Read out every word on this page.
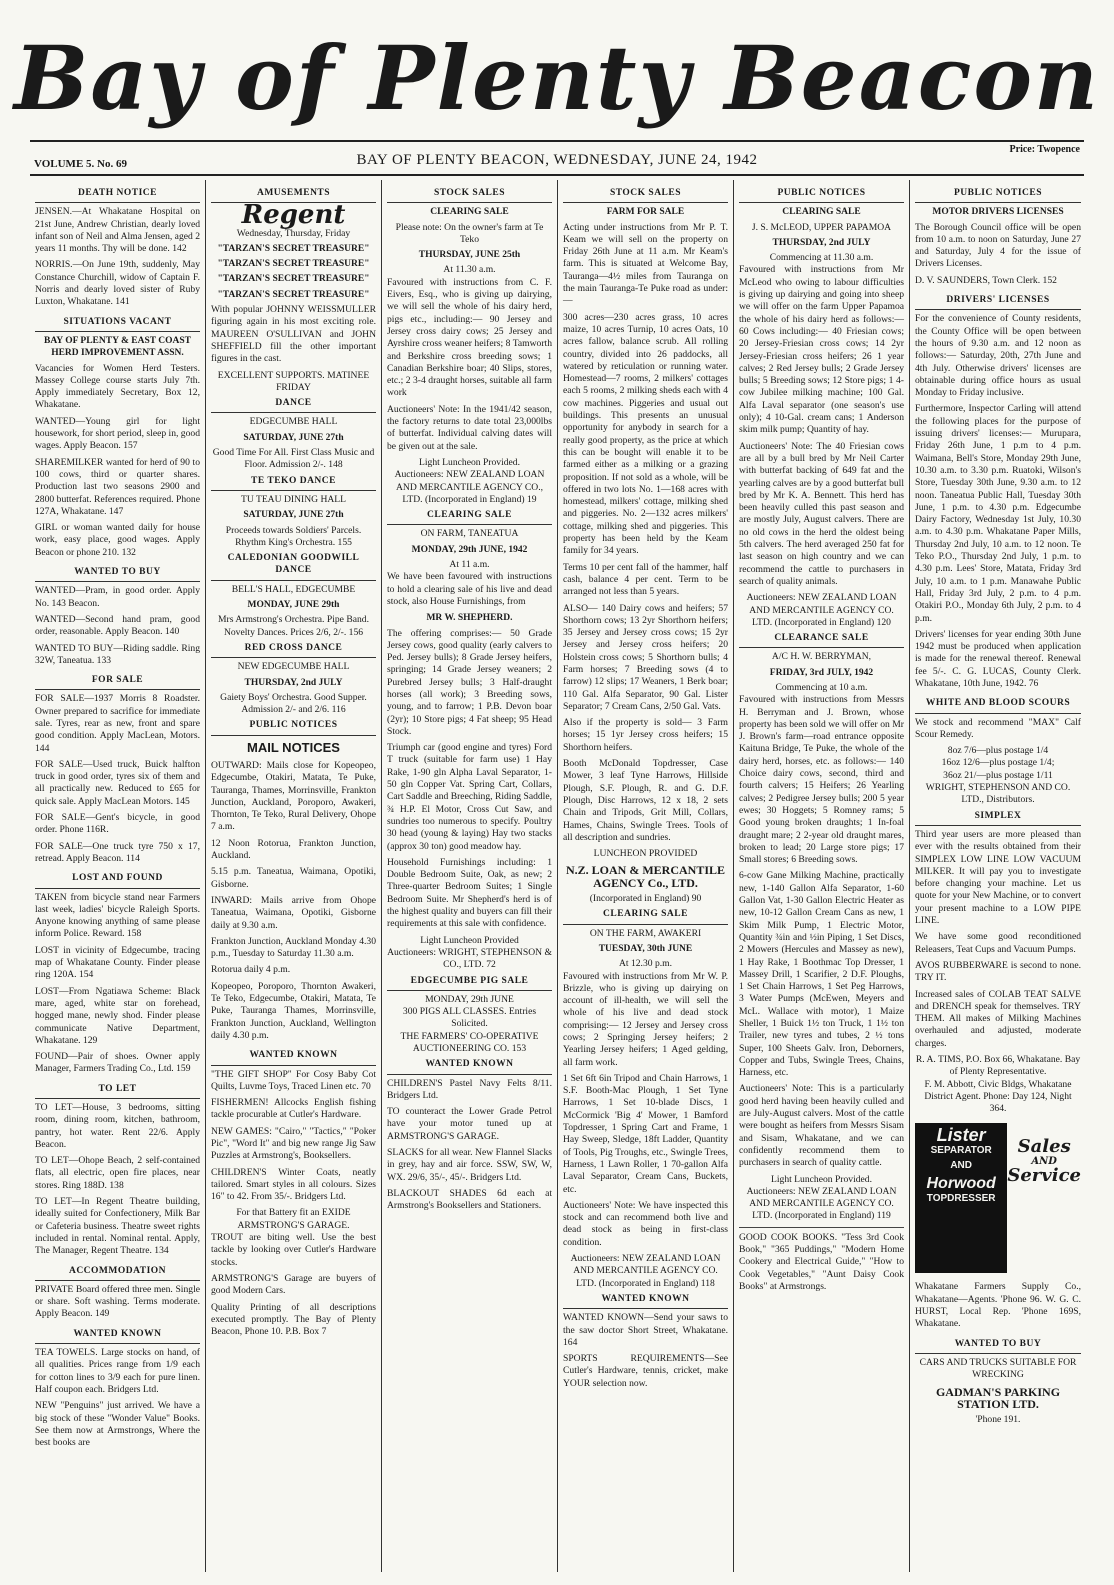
Bay of Plenty Beacon
VOLUME 5. No. 69	BAY OF PLENTY BEACON, WEDNESDAY, JUNE 24, 1942
Price: Twopence
DEATH NOTICE
JENSEN.—At Whakatane Hospital on 21st June, Andrew Christian, dearly loved infant son of Neil and Alma Jensen, aged 2 years 11 months. Thy will be done. 142
NORRIS.—On June 19th, suddenly, May Constance Churchill, widow of Captain F. Norris and dearly loved sister of Ruby Luxton, Whakatane. 141
SITUATIONS VACANT
BAY OF PLENTY & EAST COAST HERD IMPROVEMENT ASSN.
Vacancies for Women Herd Testers. Massey College course starts July 7th. Apply immediately Secretary, Box 12, Whakatane.
WANTED—Young girl for light housework, for short period, sleep in, good wages. Apply Beacon. 157
SHAREMILKER wanted for herd of 90 to 100 cows, third or quarter shares. Production last two seasons 2900 and 2800 butterfat. References required. Phone 127A, Whakatane. 147
GIRL or woman wanted daily for house work, easy place, good wages. Apply Beacon or phone 210. 132
WANTED TO BUY
WANTED—Pram, in good order. Apply No. 143 Beacon.
WANTED—Second hand pram, good order, reasonable. Apply Beacon. 140
WANTED TO BUY—Riding saddle. Ring 32W, Taneatua. 133
FOR SALE
FOR SALE—1937 Morris 8 Roadster. Owner prepared to sacrifice for immediate sale. Tyres, rear as new, front and spare good condition. Apply MacLean, Motors. 144
FOR SALE—Used truck, Buick halfton truck in good order, tyres six of them and all practically new. Reduced to £65 for quick sale. Apply MacLean Motors. 145
FOR SALE—Gent's bicycle, in good order. Phone 116R.
FOR SALE—One truck tyre 750 x 17, retread. Apply Beacon. 114
LOST AND FOUND
TAKEN from bicycle stand near Farmers last week, ladies' bicycle Raleigh Sports. Anyone knowing anything of same please inform Police. Reward. 158
LOST in vicinity of Edgecumbe, tracing map of Whakatane County. Finder please ring 120A. 154
LOST—From Ngatiawa Scheme: Black mare, aged, white star on forehead, hogged mane, newly shod. Finder please communicate Native Department, Whakatane. 129
FOUND—Pair of shoes. Owner apply Manager, Farmers Trading Co., Ltd. 159
TO LET
TO LET—House, 3 bedrooms, sitting room, dining room, kitchen, bathroom, pantry, hot water. Rent 22/6. Apply Beacon.
TO LET—Ohope Beach, 2 self-contained flats, all electric, open fire places, near stores. Ring 188D. 138
TO LET—In Regent Theatre building, ideally suited for Confectionery, Milk Bar or Cafeteria business. Theatre sweet rights included in rental. Nominal rental. Apply, The Manager, Regent Theatre. 134
ACCOMMODATION
PRIVATE Board offered three men. Single or share. Soft washing. Terms moderate. Apply Beacon. 149
WANTED KNOWN
TEA TOWELS. Large stocks on hand, of all qualities. Prices range from 1/9 each for cotton lines to 3/9 each for pure linen. Half coupon each. Bridgers Ltd.
NEW "Penguins" just arrived. We have a big stock of these "Wonder Value" Books. See them now at Armstrongs, Where the best books are
AMUSEMENTS
Regent
Wednesday, Thursday, Friday
"TARZAN'S SECRET TREASURE"
"TARZAN'S SECRET TREASURE"
"TARZAN'S SECRET TREASURE"
"TARZAN'S SECRET TREASURE"
With popular JOHNNY WEISSMULLER figuring again in his most exciting role. MAUREEN O'SULLIVAN and JOHN SHEFFIELD fill the other important figures in the cast.
EXCELLENT SUPPORTS. MATINEE FRIDAY
DANCE
EDGECUMBE HALL
SATURDAY, JUNE 27th
Good Time For All. First Class Music and Floor. Admission 2/-. 148
TE TEKO DANCE
TU TEAU DINING HALL
SATURDAY, JUNE 27th
Proceeds towards Soldiers' Parcels. Rhythm King's Orchestra. 155
CALEDONIAN GOODWILL DANCE
BELL'S HALL, EDGECUMBE
MONDAY, JUNE 29th
Mrs Armstrong's Orchestra. Pipe Band. Novelty Dances. Prices 2/6, 2/-. 156
RED CROSS DANCE
NEW EDGECUMBE HALL
THURSDAY, 2nd JULY
Gaiety Boys' Orchestra. Good Supper. Admission 2/- and 2/6. 116
PUBLIC NOTICES
MAIL NOTICES
OUTWARD: Mails close for Kopeopeo, Edgecumbe, Otakiri, Matata, Te Puke, Tauranga, Thames, Morrinsville, Frankton Junction, Auckland, Poroporo, Awakeri, Thornton, Te Teko, Rural Delivery, Ohope 7 a.m.
12 Noon Rotorua, Frankton Junction, Auckland.
5.15 p.m. Taneatua, Waimana, Opotiki, Gisborne.
INWARD: Mails arrive from Ohope Taneatua, Waimana, Opotiki, Gisborne daily at 9.30 a.m.
Frankton Junction, Auckland Monday 4.30 p.m., Tuesday to Saturday 11.30 a.m.
Rotorua daily 4 p.m.
Kopeopeo, Poroporo, Thornton Awakeri, Te Teko, Edgecumbe, Otakiri, Matata, Te Puke, Tauranga Thames, Morrinsville, Frankton Junction, Auckland, Wellington daily 4.30 p.m.
WANTED KNOWN
"THE GIFT SHOP" For Cosy Baby Cot Quilts, Luvme Toys, Traced Linen etc. 70
FISHERMEN! Allcocks English fishing tackle procurable at Cutler's Hardware.
NEW GAMES: "Cairo," "Tactics," "Poker Pic", "Word It" and big new range Jig Saw Puzzles at Armstrong's, Booksellers.
CHILDREN'S Winter Coats, neatly tailored. Smart styles in all colours. Sizes 16" to 42. From 35/-. Bridgers Ltd.
For that Battery fit an EXIDE ARMSTRONG'S GARAGE.
TROUT are biting well. Use the best tackle by looking over Cutler's Hardware stocks.
ARMSTRONG'S Garage are buyers of good Modern Cars.
Quality Printing of all descriptions executed promptly. The Bay of Plenty Beacon, Phone 10. P.B. Box 7
STOCK SALES
CLEARING SALE
Please note: On the owner's farm at Te Teko
THURSDAY, JUNE 25th
At 11.30 a.m.
Favoured with instructions from C. F. Eivers, Esq., who is giving up dairying, we will sell the whole of his dairy herd, pigs etc., including:— 90 Jersey and Jersey cross dairy cows; 25 Jersey and Ayrshire cross weaner heifers; 8 Tamworth and Berkshire cross breeding sows; 1 Canadian Berkshire boar; 40 Slips, stores, etc.; 2 3-4 draught horses, suitable all farm work
Auctioneers' Note: In the 1941/42 season, the factory returns to date total 23,000lbs of butterfat. Individual calving dates will be given out at the sale.
Light Luncheon Provided.
Auctioneers: NEW ZEALAND LOAN AND MERCANTILE AGENCY CO., LTD. (Incorporated in England) 19
CLEARING SALE
ON FARM, TANEATUA
MONDAY, 29th JUNE, 1942
At 11 a.m.
We have been favoured with instructions to hold a clearing sale of his live and dead stock, also House Furnishings, from
MR W. SHEPHERD.
The offering comprises:— 50 Grade Jersey cows, good quality (early calvers to Ped. Jersey bulls); 8 Grade Jersey heifers, springing; 14 Grade Jersey weaners; 2 Purebred Jersey bulls; 3 Half-draught horses (all work); 3 Breeding sows, young, and to farrow; 1 P.B. Devon boar (2yr); 10 Store pigs; 4 Fat sheep; 95 Head Stock.
Triumph car (good engine and tyres) Ford T truck (suitable for farm use) 1 Hay Rake, 1-90 gln Alpha Laval Separator, 1-50 gln Copper Vat. Spring Cart, Collars, Cart Saddle and Breeching, Riding Saddle, ¾ H.P. El Motor, Cross Cut Saw, and sundries too numerous to specify. Poultry 30 head (young & laying) Hay two stacks (approx 30 ton) good meadow hay.
Household Furnishings including: 1 Double Bedroom Suite, Oak, as new; 2 Three-quarter Bedroom Suites; 1 Single Bedroom Suite. Mr Shepherd's herd is of the highest quality and buyers can fill their requirements at this sale with confidence.
Light Luncheon Provided
Auctioneers: WRIGHT, STEPHENSON & CO., LTD. 72
EDGECUMBE PIG SALE
MONDAY, 29th JUNE
300 PIGS ALL CLASSES. Entries Solicited.
THE FARMERS' CO-OPERATIVE AUCTIONEERING CO. 153
WANTED KNOWN
CHILDREN'S Pastel Navy Felts 8/11. Bridgers Ltd.
TO counteract the Lower Grade Petrol have your motor tuned up at ARMSTRONG'S GARAGE.
SLACKS for all wear. New Flannel Slacks in grey, hay and air force. SSW, SW, W, WX. 29/6, 35/-, 45/-. Bridgers Ltd.
BLACKOUT SHADES 6d each at Armstrong's Booksellers and Stationers.
STOCK SALES
FARM FOR SALE
Acting under instructions from Mr P. T. Keam we will sell on the property on Friday 26th June at 11 a.m. Mr Keam's farm. This is situated at Welcome Bay, Tauranga—4½ miles from Tauranga on the main Tauranga-Te Puke road as under:—
300 acres—230 acres grass, 10 acres maize, 10 acres Turnip, 10 acres Oats, 10 acres fallow, balance scrub. All rolling country, divided into 26 paddocks, all watered by reticulation or running water. Homestead—7 rooms, 2 milkers' cottages each 5 rooms, 2 milking sheds each with 4 cow machines. Piggeries and usual out buildings. This presents an unusual opportunity for anybody in search for a really good property, as the price at which this can be bought will enable it to be farmed either as a milking or a grazing proposition. If not sold as a whole, will be offered in two lots No. 1—168 acres with homestead, milkers' cottage, milking shed and piggeries. No. 2—132 acres milkers' cottage, milking shed and piggeries. This property has been held by the Keam family for 34 years.
Terms 10 per cent fall of the hammer, half cash, balance 4 per cent. Term to be arranged not less than 5 years.
ALSO— 140 Dairy cows and heifers; 57 Shorthorn cows; 13 2yr Shorthorn heifers; 35 Jersey and Jersey cross cows; 15 2yr Jersey and Jersey cross heifers; 20 Holstein cross cows; 5 Shorthorn bulls; 4 Farm horses; 7 Breeding sows (4 to farrow) 12 slips; 17 Weaners, 1 Berk boar; 110 Gal. Alfa Separator, 90 Gal. Lister Separator; 7 Cream Cans, 2/50 Gal. Vats.
Also if the property is sold— 3 Farm horses; 15 1yr Jersey cross heifers; 15 Shorthorn heifers.
Booth McDonald Topdresser, Case Mower, 3 leaf Tyne Harrows, Hillside Plough, S.F. Plough, R. and G. D.F. Plough, Disc Harrows, 12 x 18, 2 sets Chain and Tripods, Grit Mill, Collars, Hames, Chains, Swingle Trees. Tools of all description and sundries.
LUNCHEON PROVIDED
N.Z. LOAN & MERCANTILE AGENCY Co., LTD.
(Incorporated in England) 90
CLEARING SALE
ON THE FARM, AWAKERI
TUESDAY, 30th JUNE
At 12.30 p.m.
Favoured with instructions from Mr W. P. Brizzle, who is giving up dairying on account of ill-health, we will sell the whole of his live and dead stock comprising:— 12 Jersey and Jersey cross cows; 2 Springing Jersey heifers; 2 Yearling Jersey heifers; 1 Aged gelding, all farm work.
1 Set 6ft 6in Tripod and Chain Harrows, 1 S.F. Booth-Mac Plough, 1 Set Tyne Harrows, 1 Set 10-blade Discs, 1 McCormick 'Big 4' Mower, 1 Bamford Topdresser, 1 Spring Cart and Frame, 1 Hay Sweep, Sledge, 18ft Ladder, Quantity of Tools, Pig Troughs, etc., Swingle Trees, Harness, 1 Lawn Roller, 1 70-gallon Alfa Laval Separator, Cream Cans, Buckets, etc.
Auctioneers' Note: We have inspected this stock and can recommend both live and dead stock as being in first-class condition.
Auctioneers: NEW ZEALAND LOAN AND MERCANTILE AGENCY CO. LTD. (Incorporated in England) 118
WANTED KNOWN
WANTED KNOWN—Send your saws to the saw doctor Short Street, Whakatane. 164
SPORTS REQUIREMENTS—See Cutler's Hardware, tennis, cricket, make YOUR selection now.
PUBLIC NOTICES
CLEARING SALE
J. S. McLEOD, UPPER PAPAMOA
THURSDAY, 2nd JULY
Commencing at 11.30 a.m.
Favoured with instructions from Mr McLeod who owing to labour difficulties is giving up dairying and going into sheep we will offer on the farm Upper Papamoa the whole of his dairy herd as follows:— 60 Cows including:— 40 Friesian cows; 20 Jersey-Friesian cross cows; 14 2yr Jersey-Friesian cross heifers; 26 1 year calves; 2 Red Jersey bulls; 2 Grade Jersey bulls; 5 Breeding sows; 12 Store pigs; 1 4-cow Jubilee milking machine; 100 Gal. Alfa Laval separator (one season's use only); 4 10-Gal. cream cans; 1 Anderson skim milk pump; Quantity of hay.
Auctioneers' Note: The 40 Friesian cows are all by a bull bred by Mr Neil Carter with butterfat backing of 649 fat and the yearling calves are by a good butterfat bull bred by Mr K. A. Bennett. This herd has been heavily culled this past season and are mostly July, August calvers. There are no old cows in the herd the oldest being 5th calvers. The herd averaged 250 fat for last season on high country and we can recommend the cattle to purchasers in search of quality animals.
Auctioneers: NEW ZEALAND LOAN AND MERCANTILE AGENCY CO. LTD. (Incorporated in England) 120
CLEARANCE SALE
A/C H. W. BERRYMAN,
FRIDAY, 3rd JULY, 1942
Commencing at 10 a.m.
Favoured with instructions from Messrs H. Berryman and J. Brown, whose property has been sold we will offer on Mr J. Brown's farm—road entrance opposite Kaituna Bridge, Te Puke, the whole of the dairy herd, horses, etc. as follows:— 140 Choice dairy cows, second, third and fourth calvers; 15 Heifers; 26 Yearling calves; 2 Pedigree Jersey bulls; 200 5 year ewes; 30 Hoggets; 5 Romney rams; 5 Good young broken draughts; 1 In-foal draught mare; 2 2-year old draught mares, broken to lead; 20 Large store pigs; 17 Small stores; 6 Breeding sows.
6-cow Gane Milking Machine, practically new, 1-140 Gallon Alfa Separator, 1-60 Gallon Vat, 1-30 Gallon Electric Heater as new, 10-12 Gallon Cream Cans as new, 1 Skim Milk Pump, 1 Electric Motor, Quantity ¾in and ½in Piping, 1 Set Discs, 2 Mowers (Hercules and Massey as new), 1 Hay Rake, 1 Boothmac Top Dresser, 1 Massey Drill, 1 Scarifier, 2 D.F. Ploughs, 1 Set Chain Harrows, 1 Set Peg Harrows, 3 Water Pumps (McEwen, Meyers and McL. Wallace with motor), 1 Maize Sheller, 1 Buick 1½ ton Truck, 1 1½ ton Trailer, new tyres and tubes, 2 ½ tons Super, 100 Sheets Galv. Iron, Deborners, Copper and Tubs, Swingle Trees, Chains, Harness, etc.
Auctioneers' Note: This is a particularly good herd having been heavily culled and are July-August calvers. Most of the cattle were bought as heifers from Messrs Sisam and Sisam, Whakatane, and we can confidently recommend them to purchasers in search of quality cattle.
Light Luncheon Provided.
Auctioneers: NEW ZEALAND LOAN AND MERCANTILE AGENCY CO. LTD. (Incorporated in England) 119
GOOD COOK BOOKS. "Tess 3rd Cook Book," "365 Puddings," "Modern Home Cookery and Electrical Guide," "How to Cook Vegetables," "Aunt Daisy Cook Books" at Armstrongs.
PUBLIC NOTICES
MOTOR DRIVERS LICENSES
The Borough Council office will be open from 10 a.m. to noon on Saturday, June 27 and Saturday, July 4 for the issue of Drivers Licenses.
D. V. SAUNDERS, Town Clerk. 152
DRIVERS' LICENSES
For the convenience of County residents, the County Office will be open between the hours of 9.30 a.m. and 12 noon as follows:— Saturday, 20th, 27th June and 4th July. Otherwise drivers' licenses are obtainable during office hours as usual Monday to Friday inclusive.
Furthermore, Inspector Carling will attend the following places for the purpose of issuing drivers' licenses:— Murupara, Friday 26th June, 1 p.m to 4 p.m. Waimana, Bell's Store, Monday 29th June, 10.30 a.m. to 3.30 p.m. Ruatoki, Wilson's Store, Tuesday 30th June, 9.30 a.m. to 12 noon. Taneatua Public Hall, Tuesday 30th June, 1 p.m. to 4.30 p.m. Edgecumbe Dairy Factory, Wednesday 1st July, 10.30 a.m. to 4.30 p.m. Whakatane Paper Mills, Thursday 2nd July, 10 a.m. to 12 noon. Te Teko P.O., Thursday 2nd July, 1 p.m. to 4.30 p.m. Lees' Store, Matata, Friday 3rd July, 10 a.m. to 1 p.m. Manawahe Public Hall, Friday 3rd July, 2 p.m. to 4 p.m. Otakiri P.O., Monday 6th July, 2 p.m. to 4 p.m.
Drivers' licenses for year ending 30th June 1942 must be produced when application is made for the renewal thereof. Renewal fee 5/-. C. G. LUCAS, County Clerk. Whakatane, 10th June, 1942. 76
WHITE AND BLOOD SCOURS
We stock and recommend "MAX" Calf Scour Remedy.
8oz 7/6—plus postage 1/4
16oz 12/6—plus postage 1/4;
36oz 21/—plus postage 1/11
WRIGHT, STEPHENSON AND CO. LTD., Distributors.
SIMPLEX
Third year users are more pleased than ever with the results obtained from their SIMPLEX LOW LINE LOW VACUUM MILKER. It will pay you to investigate before changing your machine. Let us quote for your New Machine, or to convert your present machine to a LOW PIPE LINE.
We have some good reconditioned Releasers, Teat Cups and Vacuum Pumps.
AVOS RUBBERWARE is second to none. TRY IT.
Increased sales of COLAB TEAT SALVE and DRENCH speak for themselves. TRY THEM. All makes of Milking Machines overhauled and adjusted, moderate charges.
R. A. TIMS, P.O. Box 66, Whakatane. Bay of Plenty Representative.
F. M. Abbott, Civic Bldgs, Whakatane District Agent. Phone: Day 124, Night 364.
Lister
SEPARATOR
AND
Horwood
TOPDRESSER
Sales
AND
Service
Whakatane Farmers Supply Co., Whakatane—Agents. 'Phone 96. W. G. C. HURST, Local Rep. 'Phone 169S, Whakatane.
WANTED TO BUY
CARS AND TRUCKS SUITABLE FOR WRECKING
GADMAN'S PARKING STATION LTD.
'Phone 191.
